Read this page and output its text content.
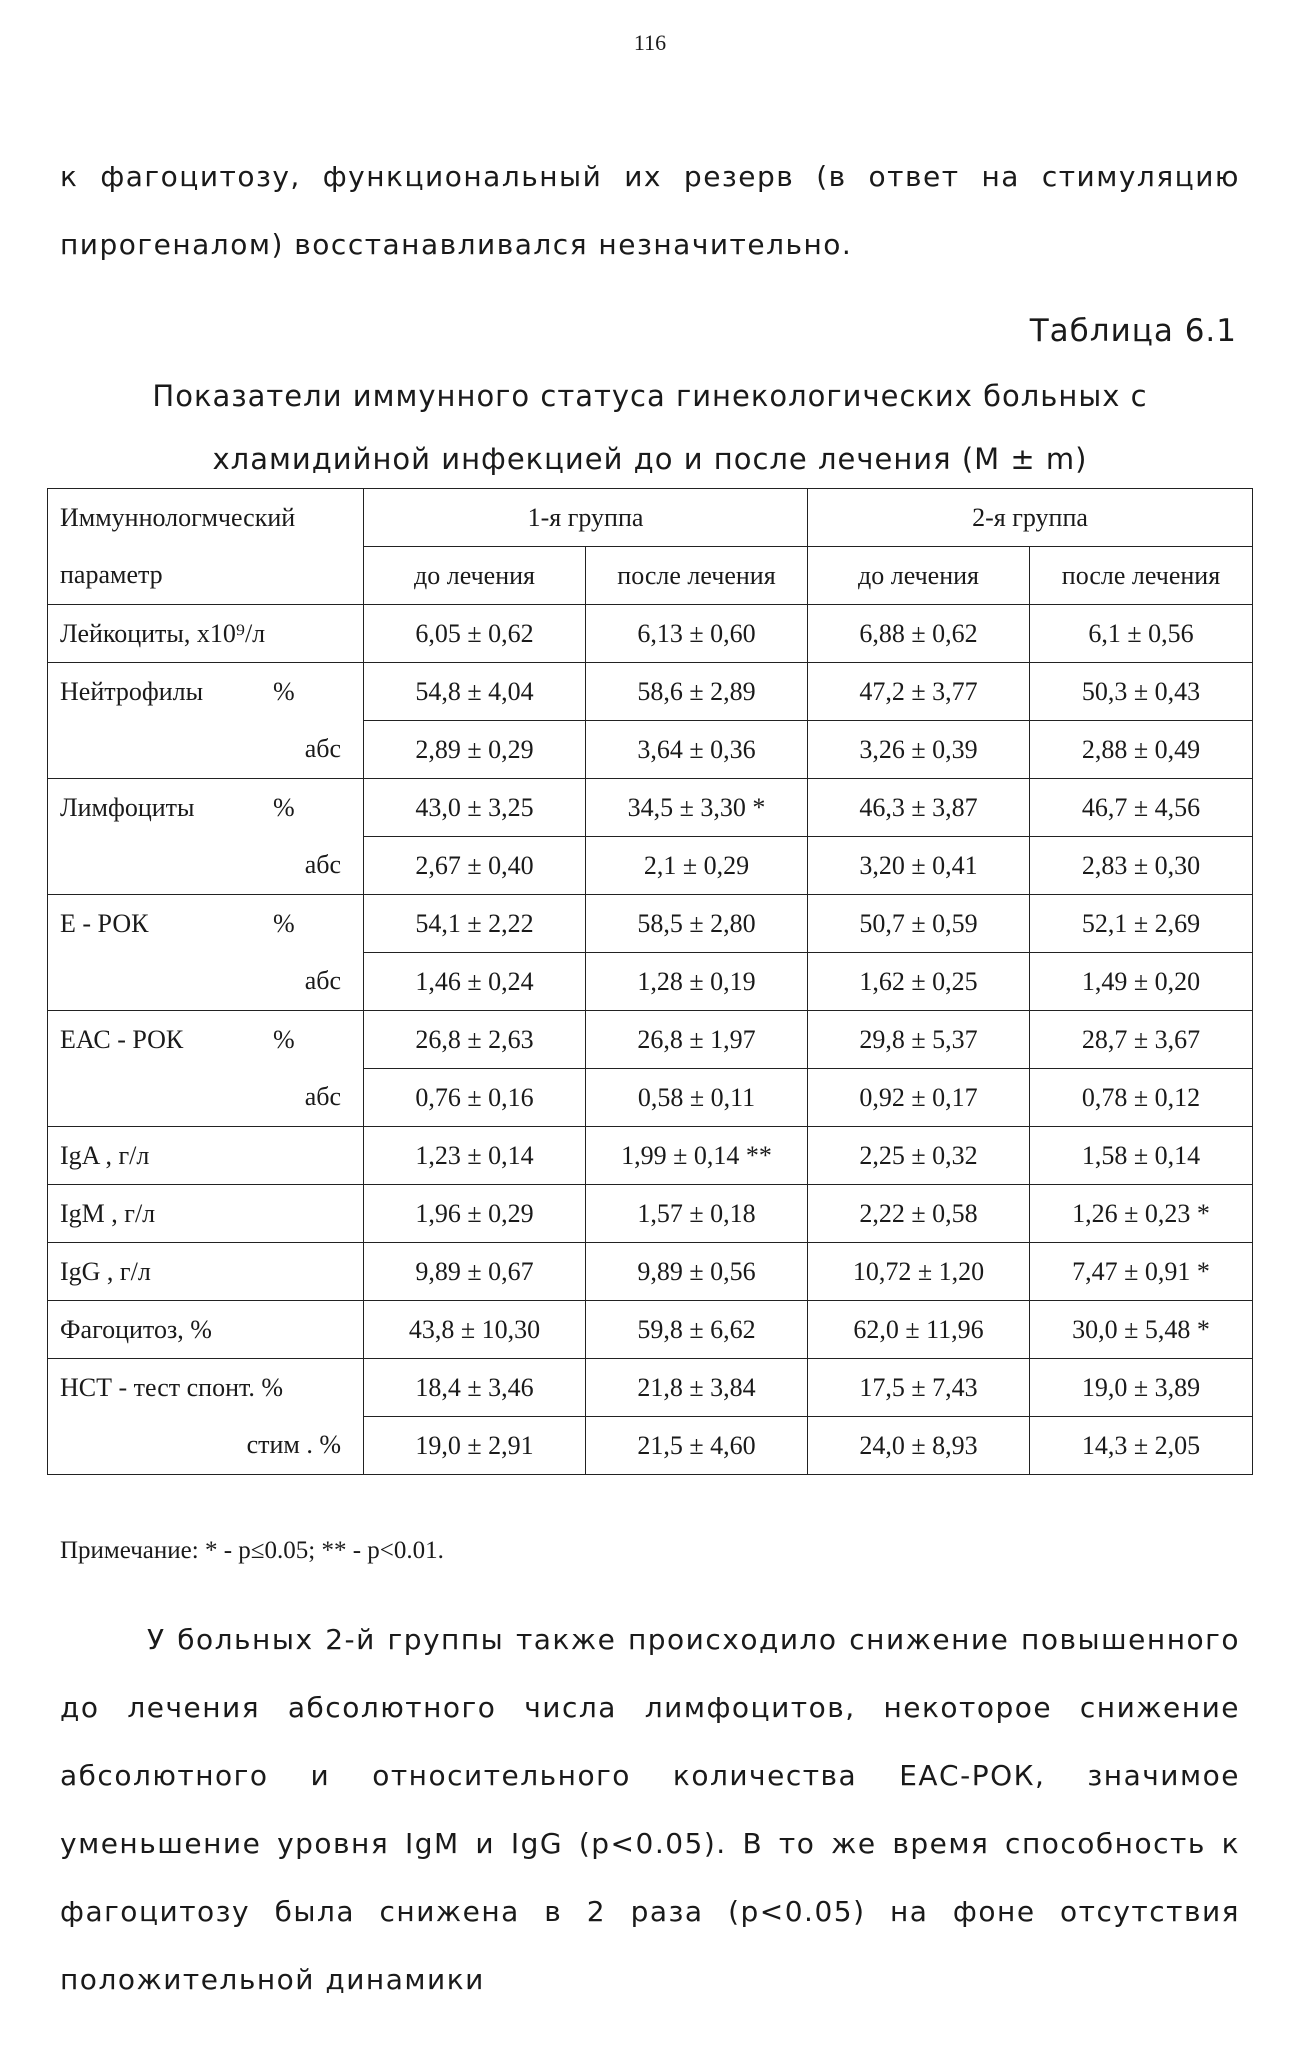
116

к фагоцитозу, функциональный их резерв (в ответ на стимуляцию пирогеналом) восстанавливался незначительно.

Таблица 6.1
Показатели иммунного статуса гинекологических больных с хламидийной инфекцией до и после лечения (М ± m)
Иммуннологмческий	1-я группа		2-я группа	
параметр	до лечения	после лечения	до лечения	после лечения
Лейкоциты, х10⁹/л	6,05 ± 0,62	6,13 ± 0,60	6,88 ± 0,62	6,1 ± 0,56
Нейтрофилы %	54,8 ± 4,04	58,6 ± 2,89	47,2 ± 3,77	50,3 ± 0,43
абс	2,89 ± 0,29	3,64 ± 0,36	3,26 ± 0,39	2,88 ± 0,49
Лимфоциты %	43,0 ± 3,25	34,5 ± 3,30 *	46,3 ± 3,87	46,7 ± 4,56
абс	2,67 ± 0,40	2,1 ± 0,29	3,20 ± 0,41	2,83 ± 0,30
Е - РОК %	54,1 ± 2,22	58,5 ± 2,80	50,7 ± 0,59	52,1 ± 2,69
абс	1,46 ± 0,24	1,28 ± 0,19	1,62 ± 0,25	1,49 ± 0,20
ЕАС - РОК %	26,8 ± 2,63	26,8 ± 1,97	29,8 ± 5,37	28,7 ± 3,67
абс	0,76 ± 0,16	0,58 ± 0,11	0,92 ± 0,17	0,78 ± 0,12
IgA , г/л	1,23 ± 0,14	1,99 ± 0,14 **	2,25 ± 0,32	1,58 ± 0,14
IgM , г/л	1,96 ± 0,29	1,57 ± 0,18	2,22 ± 0,58	1,26 ± 0,23 *
IgG , г/л	9,89 ± 0,67	9,89 ± 0,56	10,72 ± 1,20	7,47 ± 0,91 *
Фагоцитоз, %	43,8 ± 10,30	59,8 ± 6,62	62,0 ± 11,96	30,0 ± 5,48 *
НСТ - тест спонт. %	18,4 ± 3,46	21,8 ± 3,84	17,5 ± 7,43	19,0 ± 3,89
стим . %	19,0 ± 2,91	21,5 ± 4,60	24,0 ± 8,93	14,3 ± 2,05
Примечание: * - p≤0.05; ** - p<0.01.

У больных 2-й группы также происходило снижение повышенного до лечения абсолютного числа лимфоцитов, некоторое снижение абсолютного и относительного количества ЕАС-РОК, значимое уменьшение уровня IgM и IgG (p<0.05). В то же время способность к фагоцитозу была снижена в 2 раза (p<0.05) на фоне отсутствия положительной динамики
